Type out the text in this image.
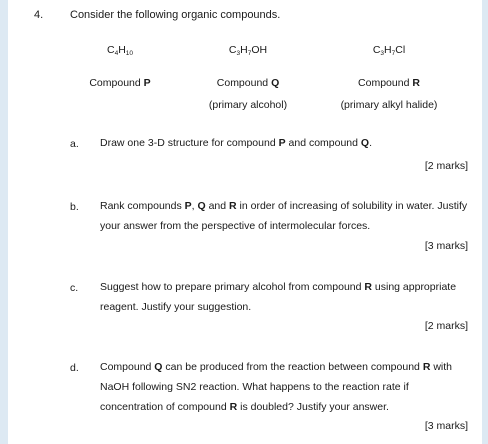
4. Consider the following organic compounds.
$C_4H_{10}$
Compound P
$C_3H_7OH$
Compound Q
(primary alcohol)
$C_3H_7Cl$
Compound R
(primary alkyl halide)
a. Draw one 3-D structure for compound P and compound Q.
[2 marks]
b. Rank compounds P, Q and R in order of increasing of solubility in water. Justify your answer from the perspective of intermolecular forces.
[3 marks]
c. Suggest how to prepare primary alcohol from compound R using appropriate reagent. Justify your suggestion.
[2 marks]
d. Compound Q can be produced from the reaction between compound R with NaOH following SN2 reaction. What happens to the reaction rate if concentration of compound R is doubled? Justify your answer.
[3 marks]
